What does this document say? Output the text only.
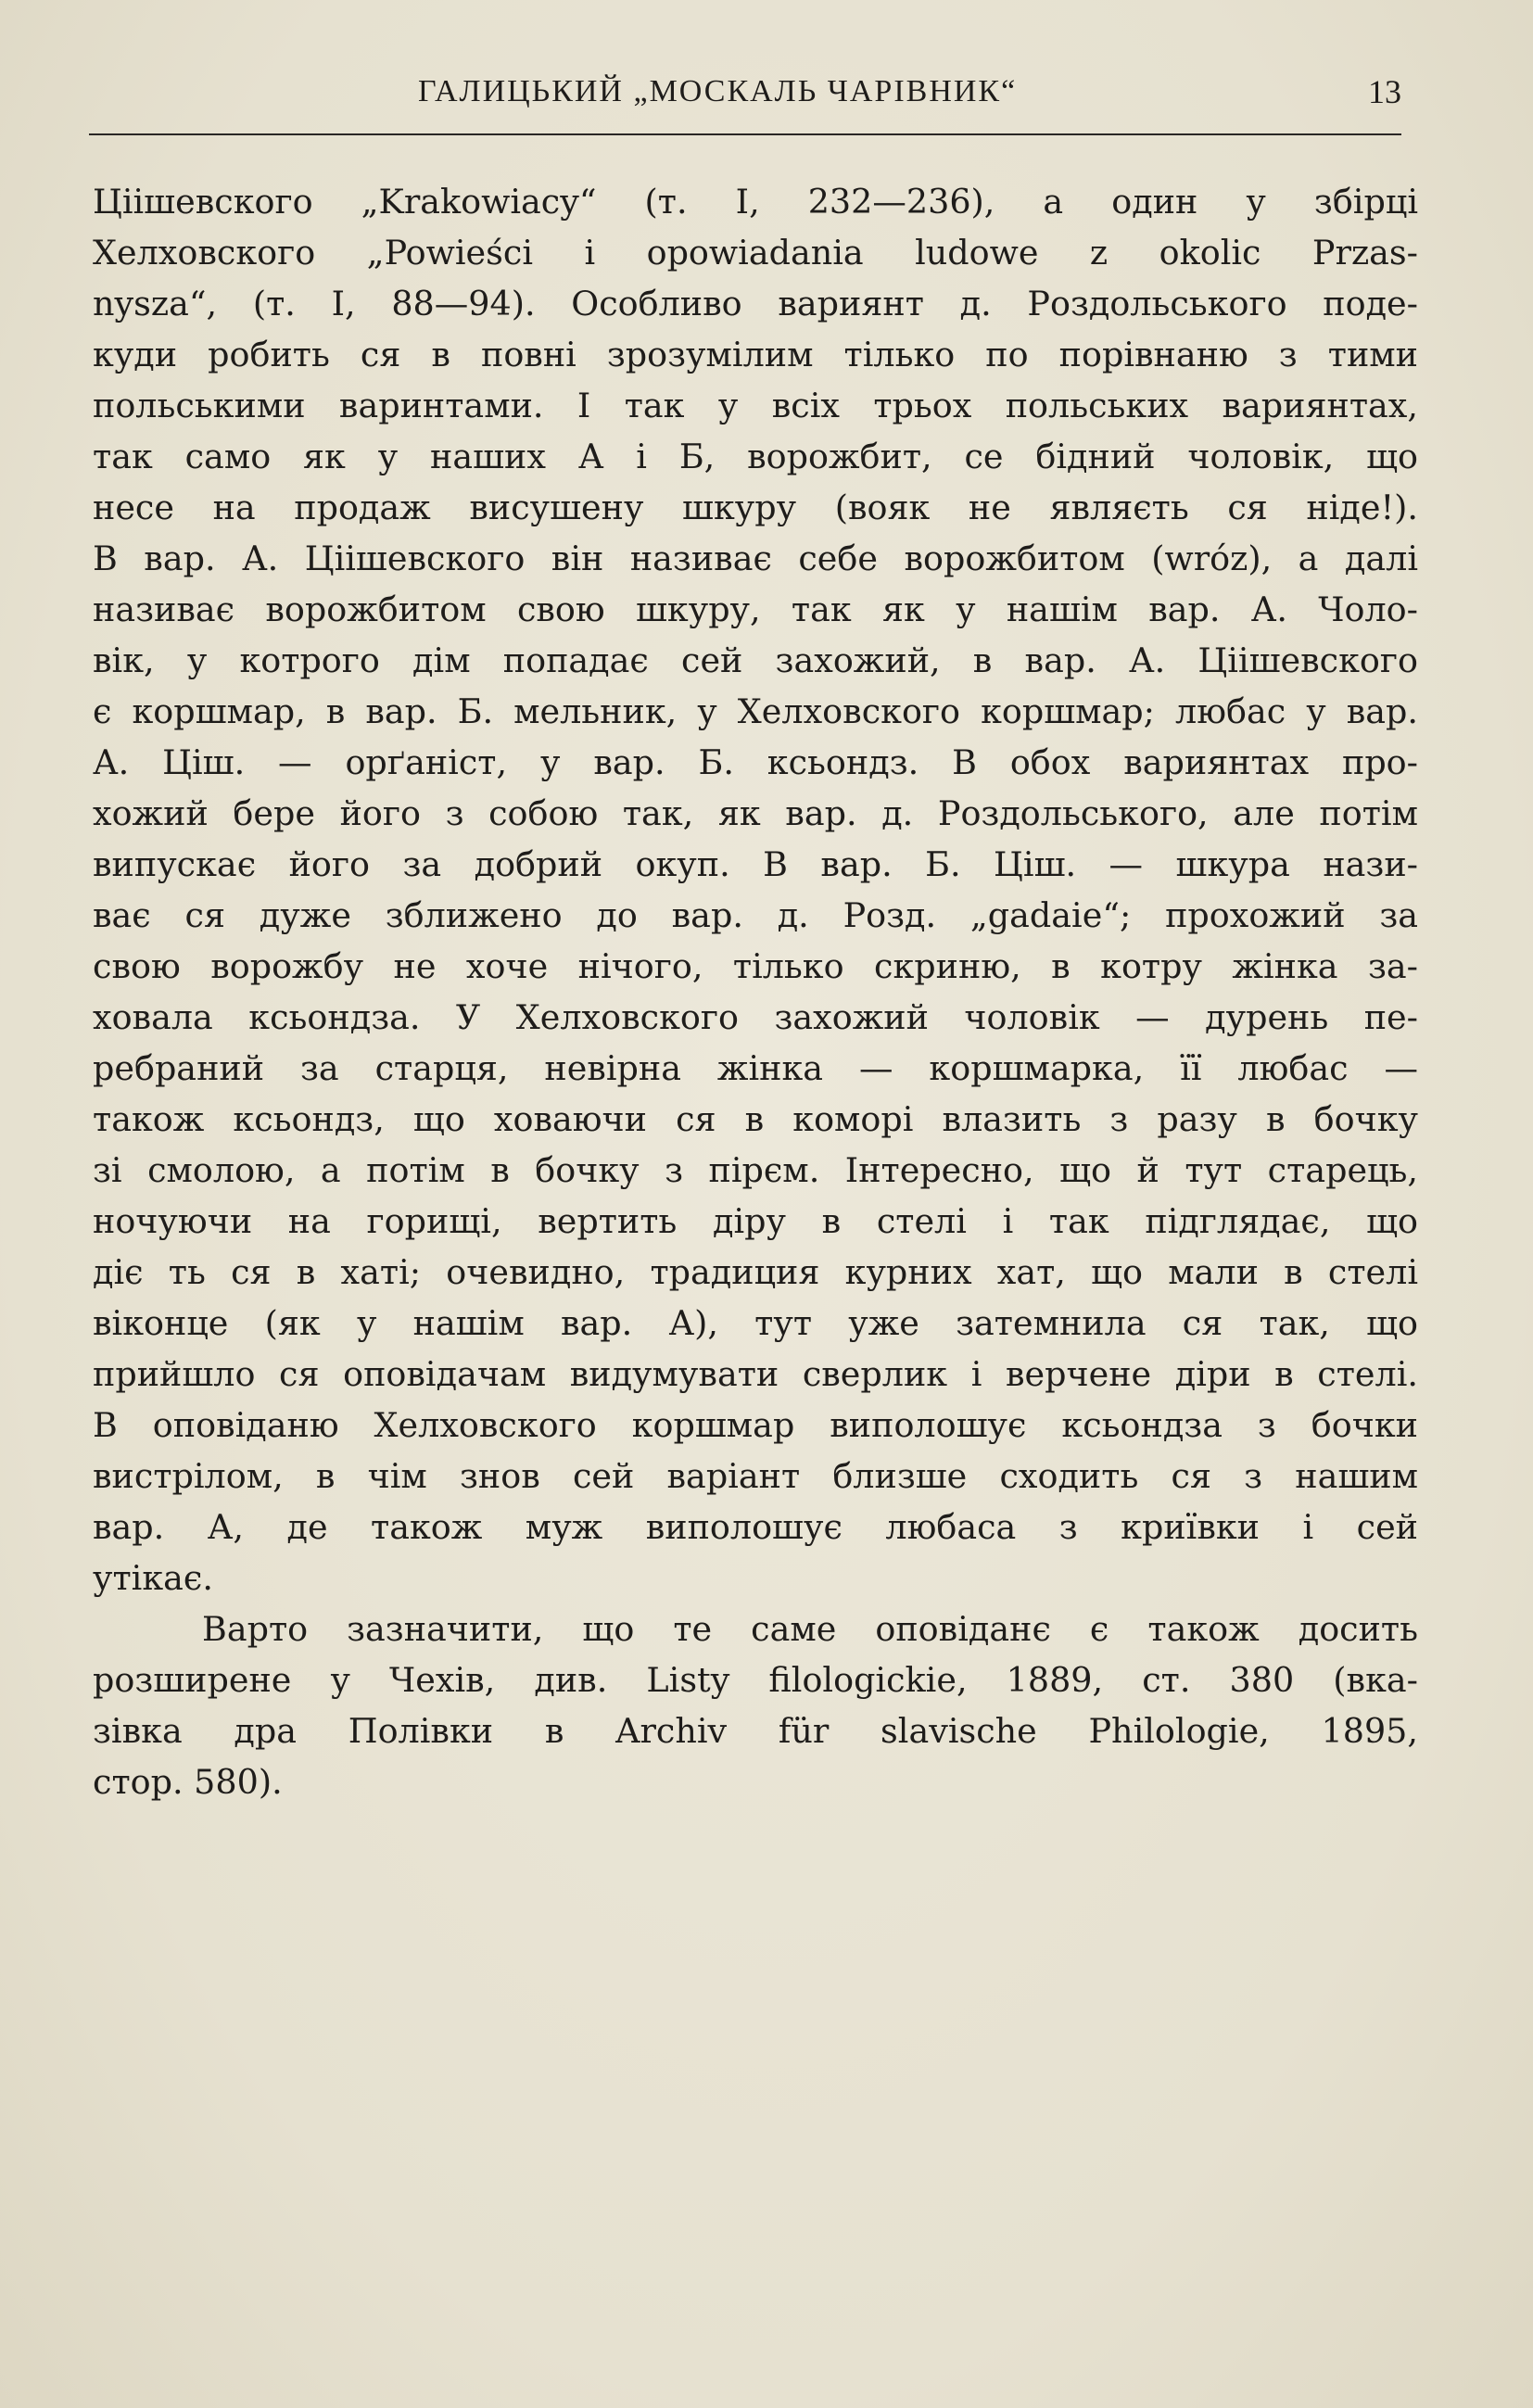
ГАЛИЦЬКИЙ „МОСКАЛЬ ЧАРІВНИК“	13
Ціішевского „Krakowiacy“ (т. I, 232—236), а один у збірці
Хелховского „Powieści i opowiadania ludowe z okolic Przas-
nysza“, (т. I, 88—94). Особливо вариянт д. Роздольського поде-
куди робить ся в повні зрозумілим тілько по порівнаню з тими
польськими варинтами. І так у всіх трьох польських вариянтах,
так само як у наших А і Б, ворожбит, се бідний чоловік, що
несе на продаж висушену шкуру (вояк не являєть ся ніде!).
В вар. А. Ціішевского він називає себе ворожбитом (wróz), а далі
називає ворожбитом свою шкуру, так як у нашім вар. А. Чоло-
вік, у котрого дім попадає сей захожий, в вар. А. Ціішевского
є коршмар, в вар. Б. мельник, у Хелховского коршмар; любас у вар.
А. Ціш. — орґаніст, у вар. Б. ксьондз. В обох вариянтах про-
хожий бере його з собою так, як вар. д. Роздольського, але потім
випускає його за добрий окуп. В вар. Б. Ціш. — шкура нази-
ває ся дуже зближено до вар. д. Розд. „gadaie“; прохожий за
свою ворожбу не хоче нічого, тілько скриню, в котру жінка за-
ховала ксьондза. У Хелховского захожий чоловік — дурень пе-
ребраний за старця, невірна жінка — коршмарка, її любас —
також ксьондз, що ховаючи ся в коморі влазить з разу в бочку
зі смолою, а потім в бочку з пірєм. Інтересно, що й тут старець,
ночуючи на горищі, вертить діру в стелі і так підглядає, що
діє ть ся в хаті; очевидно, традиция курних хат, що мали в стелі
віконце (як у нашім вар. А), тут уже затемнила ся так, що
прийшло ся оповідачам видумувати сверлик і верчене діри в стелі.
В оповіданю Хелховского коршмар виполошує ксьондза з бочки
вистрілом, в чім знов сей варіант близше сходить ся з нашим
вар. А, де також муж виполошує любаса з криївки і сей
утікає.
Варто зазначити, що те саме оповіданє є також досить
розширене у Чехів, див. Listy filologickie, 1889, ст. 380 (вка-
зівка дра Полівки в Archiv für slavische Philologie, 1895,
стор. 580).
